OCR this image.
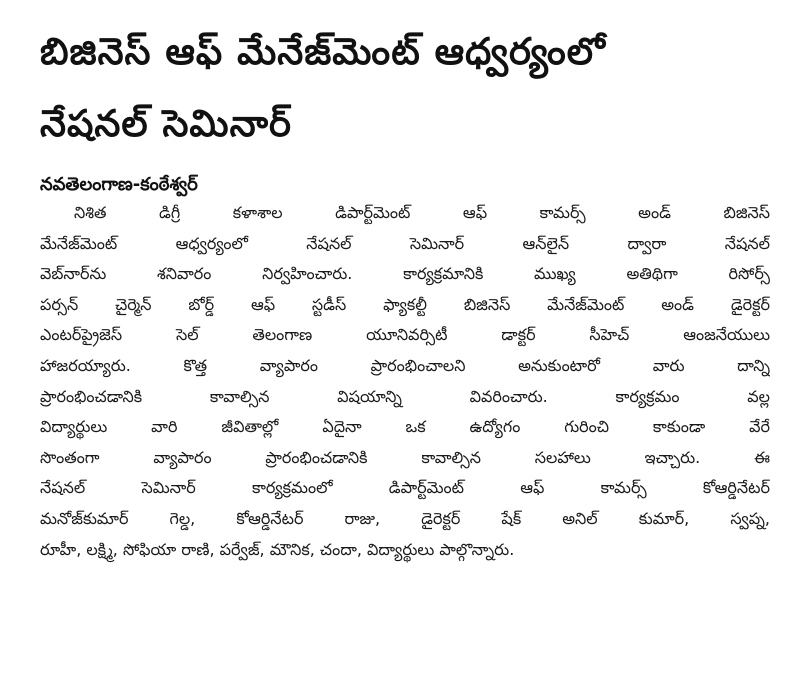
బిజినెస్ ఆఫ్ మేనేజ్‌మెంట్ ఆధ్వర్యంలో
నేషనల్ సెమినార్
నవతెలంగాణ-కంఠేశ్వర్
నిశిత డిగ్రీ కళాశాల డిపార్ట్‌మెంట్ ఆఫ్ కామర్స్ అండ్ బిజినెస్
మేనేజ్‌మెంట్ ఆధ్వర్యంలో నేషనల్ సెమినార్ ఆన్‌లైన్ ద్వారా నేషనల్
వెబ్‌నార్‌ను శనివారం నిర్వహించారు. కార్యక్రమానికి ముఖ్య అతిథిగా రిసోర్స్
పర్సన్ చైర్మెన్ బోర్డ్ ఆఫ్ స్టడీస్ ఫ్యాకల్టీ బిజినెస్ మేనేజ్‌మెంట్ అండ్ డైరెక్టర్
ఎంటర్‌ప్రైజెస్ సెల్ తెలంగాణ యూనివర్సిటీ డాక్టర్ సీహెచ్ ఆంజనేయులు
హాజరయ్యారు. కొత్త వ్యాపారం ప్రారంభించాలని అనుకుంటారో వారు దాన్ని
ప్రారంభించడానికి కావాల్సిన విషయాన్ని వివరించారు. కార్యక్రమం వల్ల
విద్యార్థులు వారి జీవితాల్లో ఏదైనా ఒక ఉద్యోగం గురించి కాకుండా వేరే
సొంతంగా వ్యాపారం ప్రారంభించడానికి కావాల్సిన సలహాలు ఇచ్చారు. ఈ
నేషనల్ సెమినార్ కార్యక్రమంలో డిపార్ట్‌మెంట్ ఆఫ్ కామర్స్ కోఆర్డినేటర్
మనోజ్‌కుమార్ గెల్డ, కోఆర్డినేటర్ రాజు, డైరెక్టర్ షేక్ అనిల్ కుమార్, స్వప్న,
రూహీ, లక్ష్మి, సోఫియా రాణి, పర్వేజ్, మౌనిక, చందా, విద్యార్థులు పాల్గొన్నారు.
